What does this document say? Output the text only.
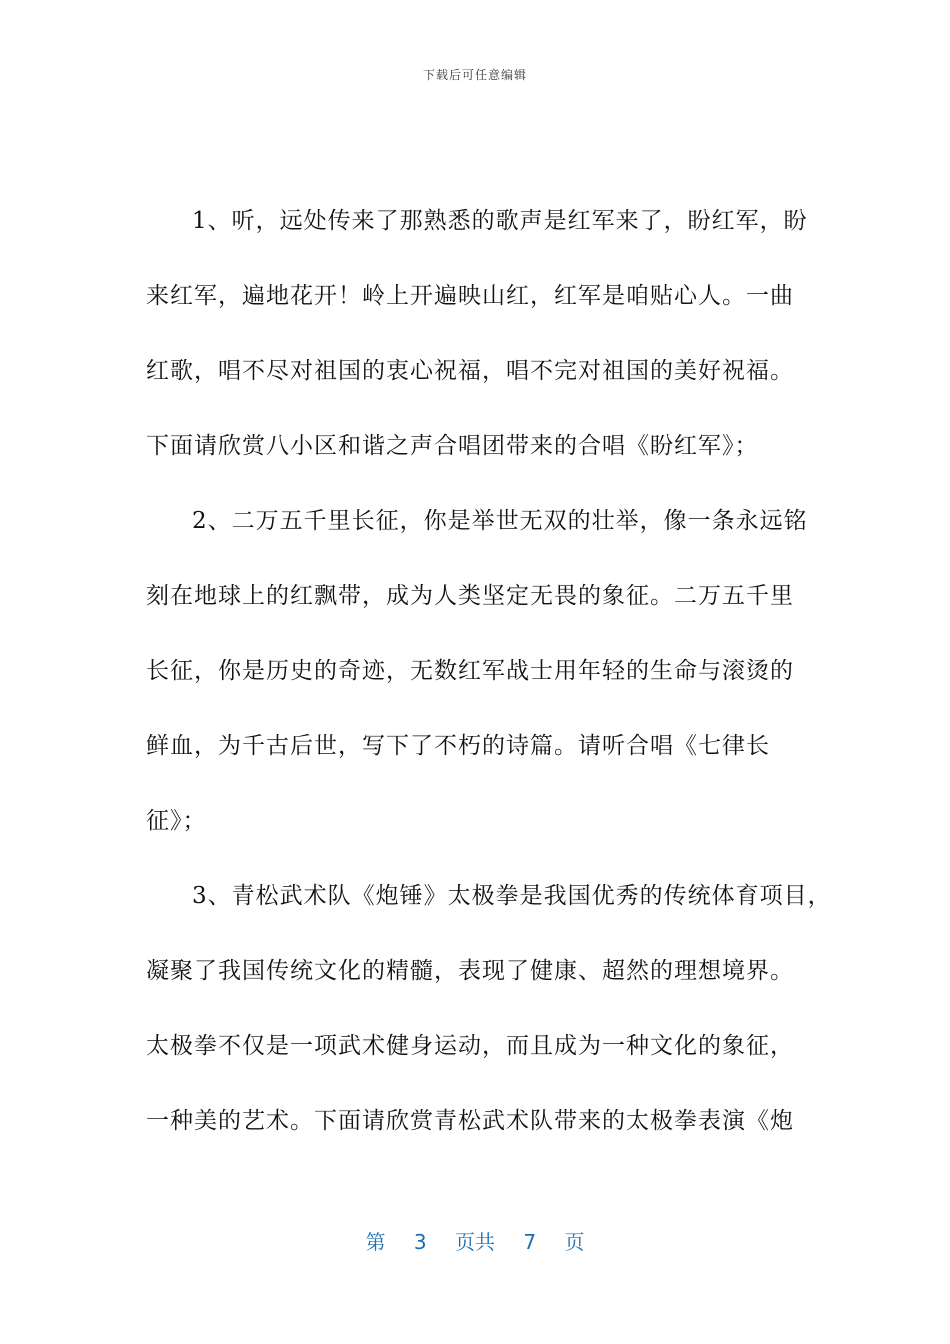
下载后可任意编辑
1、听，远处传来了那熟悉的歌声是红军来了，盼红军，盼
来红军，遍地花开！岭上开遍映山红，红军是咱贴心人。一曲
红歌，唱不尽对祖国的衷心祝福，唱不完对祖国的美好祝福。
下面请欣赏八小区和谐之声合唱团带来的合唱《盼红军》；
2、二万五千里长征，你是举世无双的壮举，像一条永远铭
刻在地球上的红飘带，成为人类坚定无畏的象征。二万五千里
长征，你是历史的奇迹，无数红军战士用年轻的生命与滚烫的
鲜血，为千古后世，写下了不朽的诗篇。请听合唱《七律长
征》；
3、青松武术队《炮锤》太极拳是我国优秀的传统体育项目，
凝聚了我国传统文化的精髓，表现了健康、超然的理想境界。
太极拳不仅是一项武术健身运动，而且成为一种文化的象征，
一种美的艺术。下面请欣赏青松武术队带来的太极拳表演《炮
第 3 页共 7 页
